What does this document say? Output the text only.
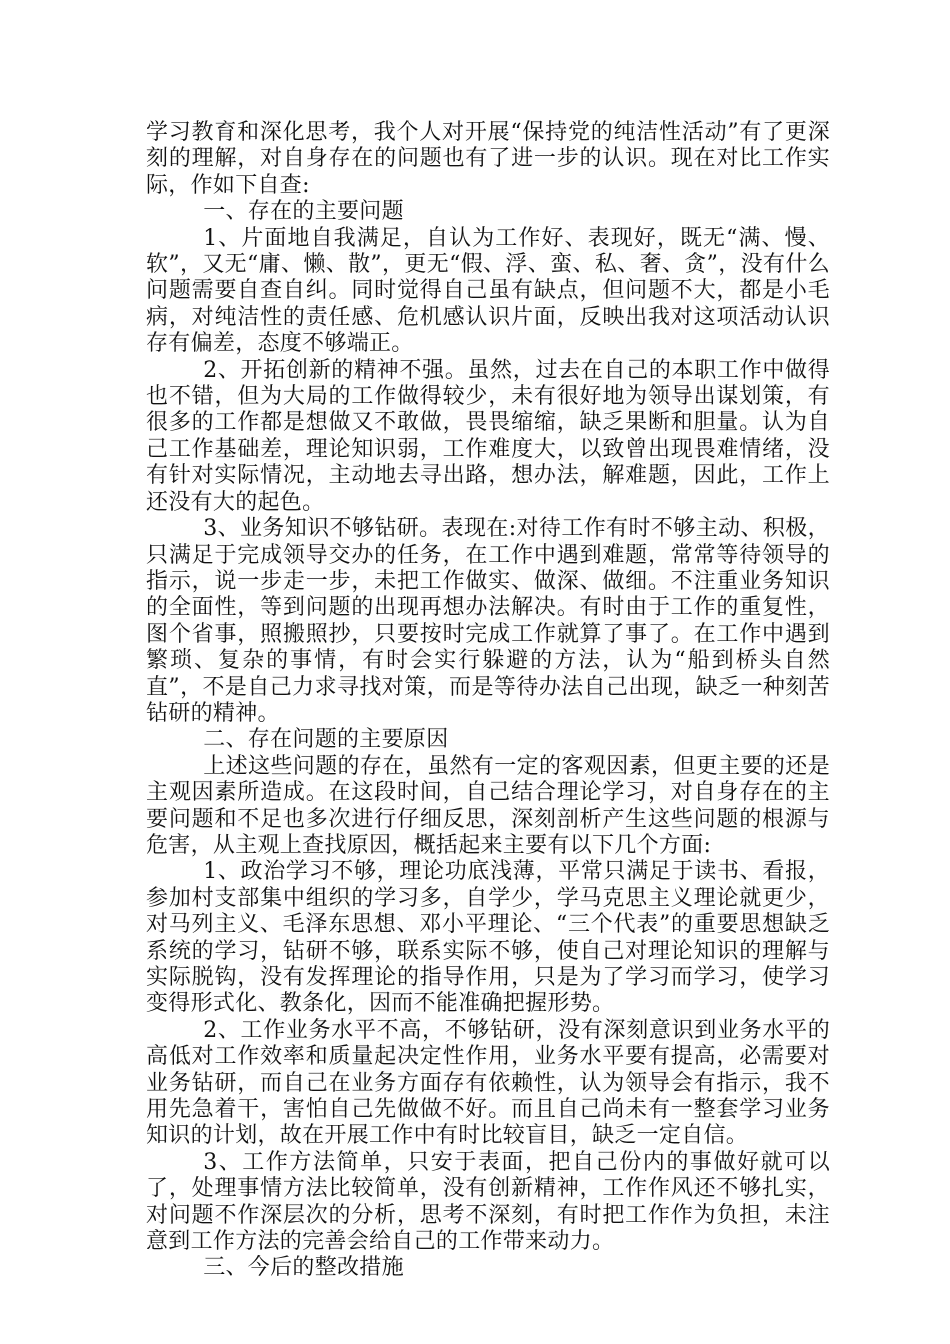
学习教育和深化思考，我个人对开展“保持党的纯洁性活动”有了更深刻的理解，对自身存在的问题也有了进一步的认识。现在对比工作实际，作如下自查:

一、存在的主要问题

1、片面地自我满足，自认为工作好、表现好，既无“满、慢、软”，又无“庸、懒、散”，更无“假、浮、蛮、私、奢、贪”，没有什么问题需要自查自纠。同时觉得自己虽有缺点，但问题不大，都是小毛病，对纯洁性的责任感、危机感认识片面，反映出我对这项活动认识存有偏差，态度不够端正。

2、开拓创新的精神不强。虽然，过去在自己的本职工作中做得也不错，但为大局的工作做得较少，未有很好地为领导出谋划策，有很多的工作都是想做又不敢做，畏畏缩缩，缺乏果断和胆量。认为自己工作基础差，理论知识弱，工作难度大，以致曾出现畏难情绪，没有针对实际情况，主动地去寻出路，想办法，解难题，因此，工作上还没有大的起色。

3、业务知识不够钻研。表现在:对待工作有时不够主动、积极，只满足于完成领导交办的任务，在工作中遇到难题，常常等待领导的指示，说一步走一步，未把工作做实、做深、做细。不注重业务知识的全面性，等到问题的出现再想办法解决。有时由于工作的重复性，图个省事，照搬照抄，只要按时完成工作就算了事了。在工作中遇到繁琐、复杂的事情，有时会实行躲避的方法，认为“船到桥头自然直”，不是自己力求寻找对策，而是等待办法自己出现，缺乏一种刻苦钻研的精神。

二、存在问题的主要原因

上述这些问题的存在，虽然有一定的客观因素，但更主要的还是主观因素所造成。在这段时间，自己结合理论学习，对自身存在的主要问题和不足也多次进行仔细反思，深刻剖析产生这些问题的根源与危害，从主观上查找原因，概括起来主要有以下几个方面:

1、政治学习不够，理论功底浅薄，平常只满足于读书、看报，参加村支部集中组织的学习多，自学少，学马克思主义理论就更少，对马列主义、毛泽东思想、邓小平理论、“三个代表”的重要思想缺乏系统的学习，钻研不够，联系实际不够，使自己对理论知识的理解与实际脱钩，没有发挥理论的指导作用，只是为了学习而学习，使学习变得形式化、教条化，因而不能准确把握形势。

2、工作业务水平不高，不够钻研，没有深刻意识到业务水平的高低对工作效率和质量起决定性作用，业务水平要有提高，必需要对业务钻研，而自己在业务方面存有依赖性，认为领导会有指示，我不用先急着干，害怕自己先做做不好。而且自己尚未有一整套学习业务知识的计划，故在开展工作中有时比较盲目，缺乏一定自信。

3、工作方法简单，只安于表面，把自己份内的事做好就可以了，处理事情方法比较简单，没有创新精神，工作作风还不够扎实，对问题不作深层次的分析，思考不深刻，有时把工作作为负担，未注意到工作方法的完善会给自己的工作带来动力。

三、今后的整改措施
